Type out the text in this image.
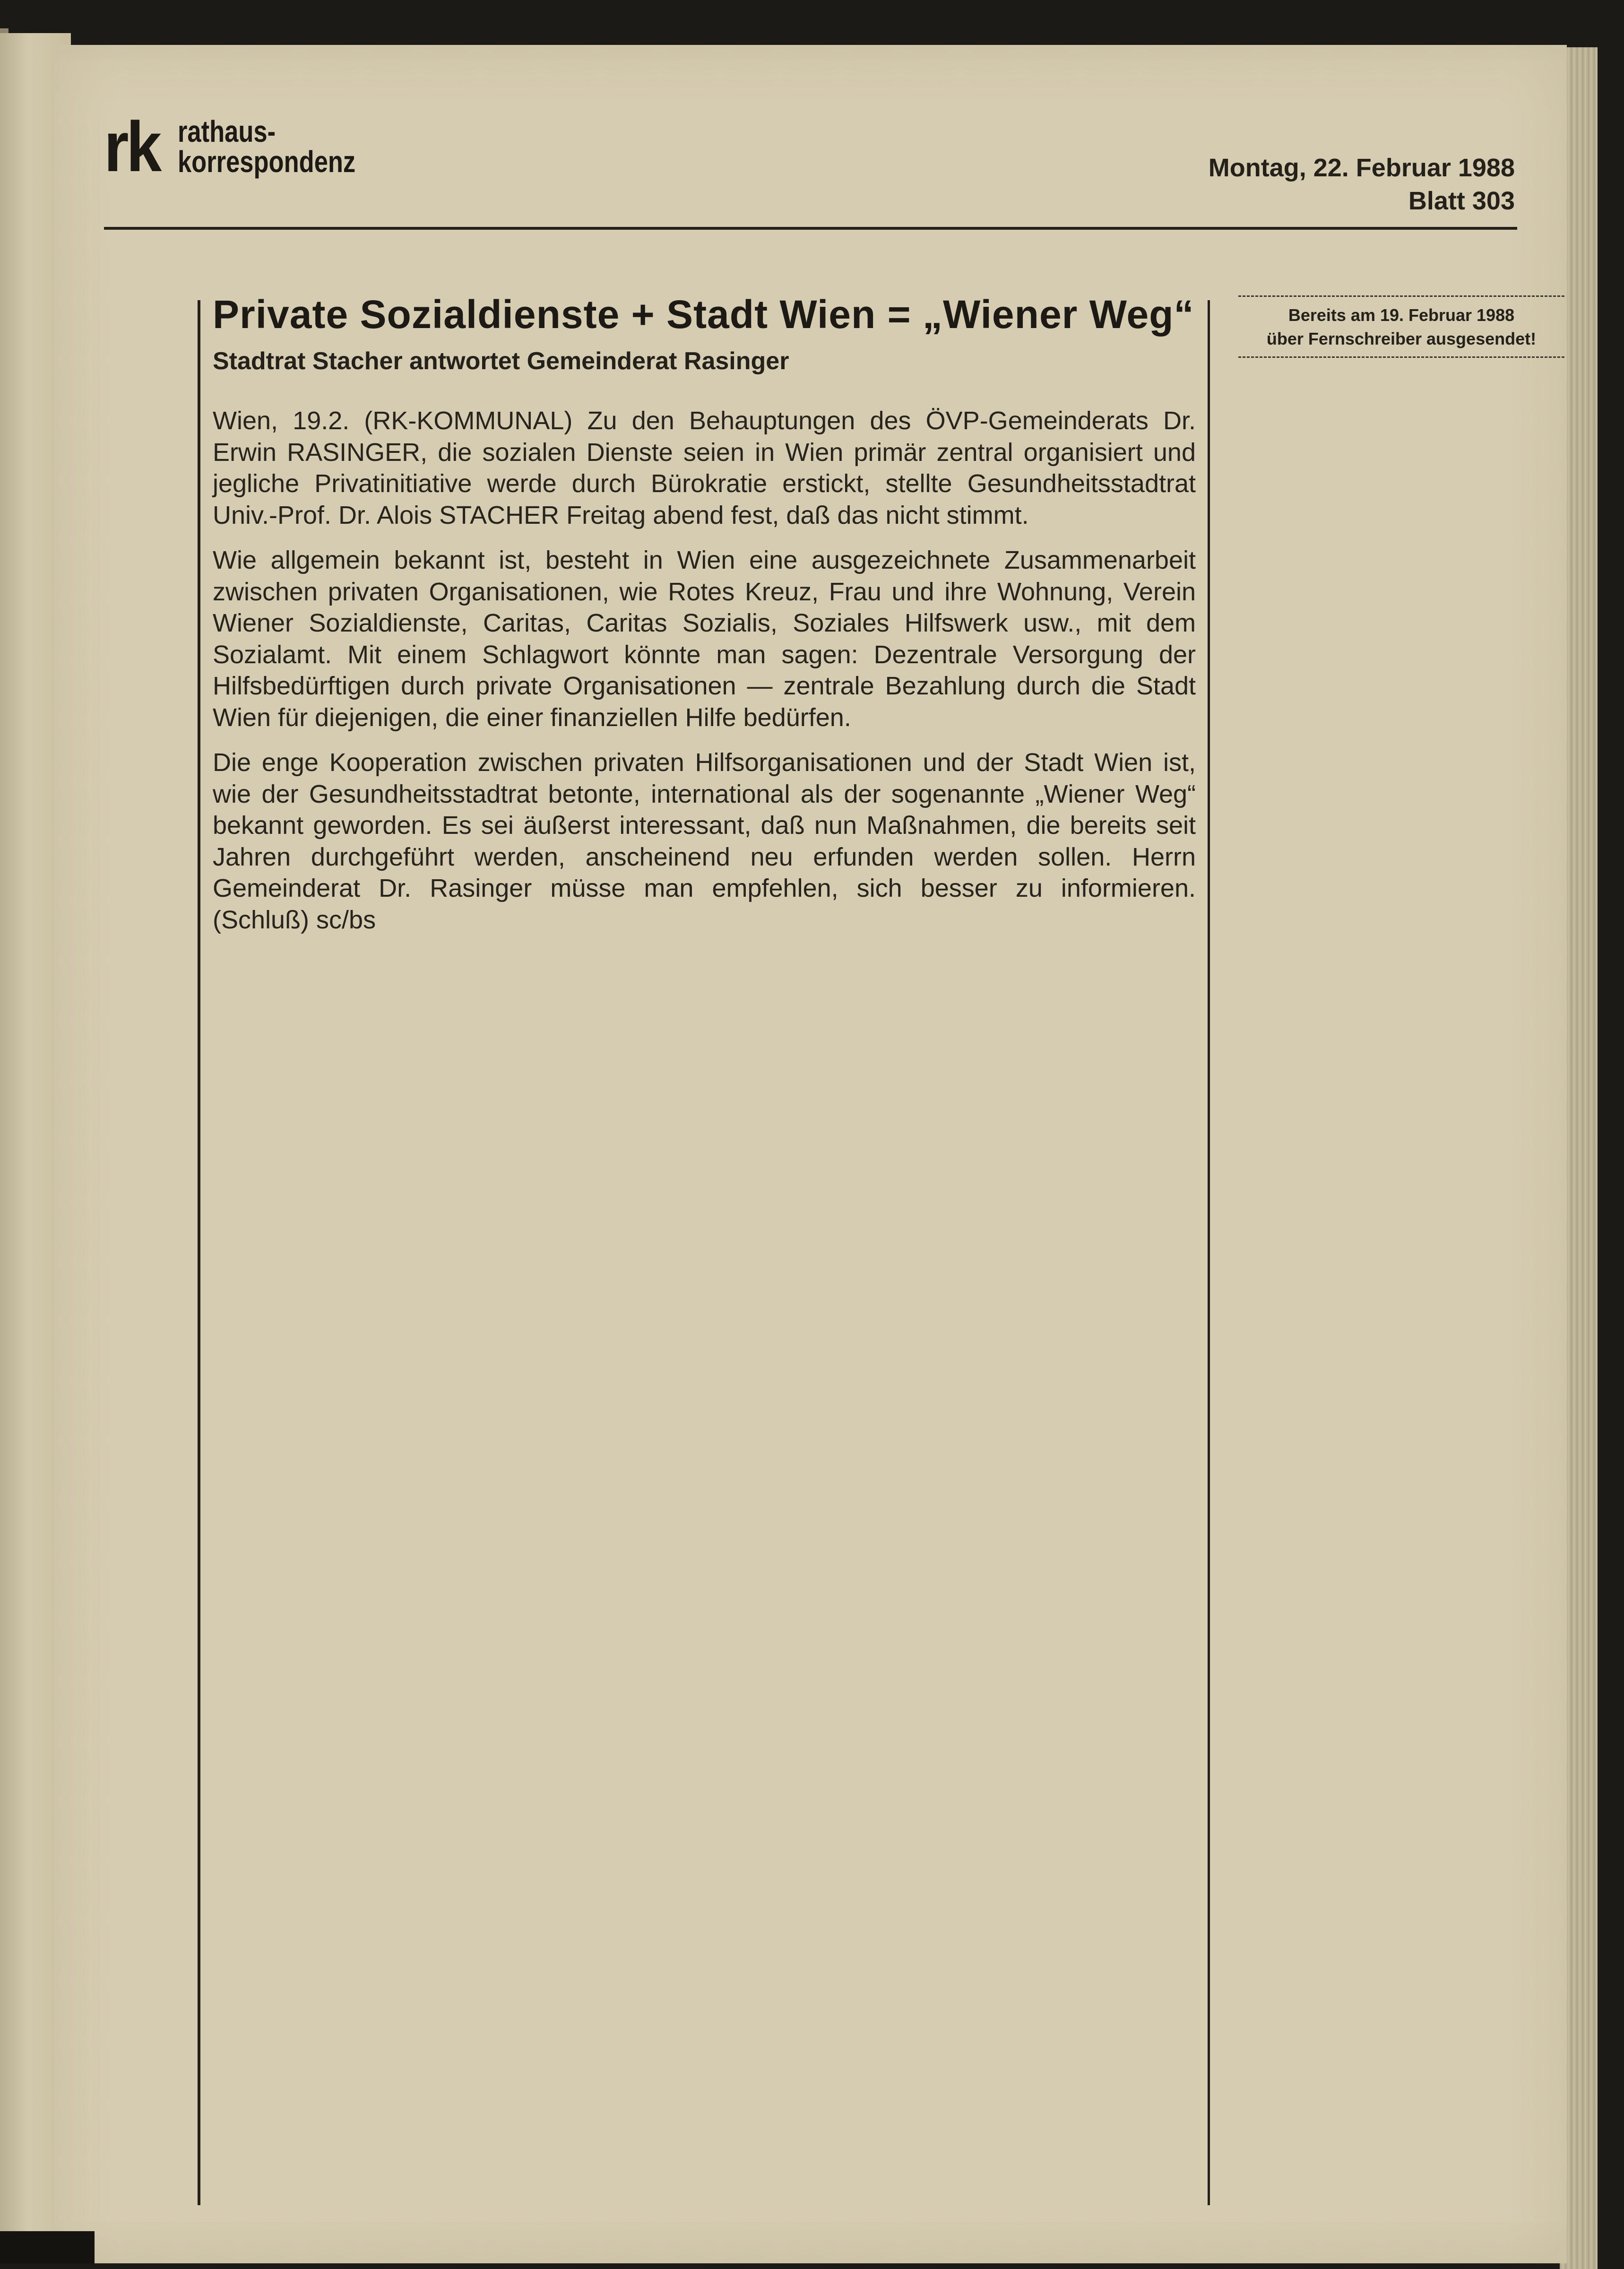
rk rathaus-
korrespondenz	Montag, 22. Februar 1988
Blatt 303
Private Sozialdienste + Stadt Wien = „Wiener Weg“
Stadtrat Stacher antwortet Gemeinderat Rasinger

Wien, 19.2. (RK-KOMMUNAL) Zu den Behauptungen des ÖVP-Gemeinderats Dr. Erwin RASINGER, die sozialen Dienste seien in Wien primär zentral organisiert und jegliche Privatinitiative werde durch Bürokratie erstickt, stellte Gesundheitsstadtrat Univ.-Prof. Dr. Alois STACHER Freitag abend fest, daß das nicht stimmt.

Wie allgemein bekannt ist, besteht in Wien eine ausgezeichnete Zusammenarbeit zwischen privaten Organisationen, wie Rotes Kreuz, Frau und ihre Wohnung, Verein Wiener Sozialdienste, Caritas, Caritas Sozialis, Soziales Hilfswerk usw., mit dem Sozialamt. Mit einem Schlagwort könnte man sagen: Dezentrale Versorgung der Hilfsbedürftigen durch private Organisationen — zentrale Bezahlung durch die Stadt Wien für diejenigen, die einer finanziellen Hilfe bedürfen.

Die enge Kooperation zwischen privaten Hilfsorganisationen und der Stadt Wien ist, wie der Gesundheitsstadtrat betonte, international als der sogenannte „Wiener Weg“ bekannt geworden. Es sei äußerst interessant, daß nun Maßnahmen, die bereits seit Jahren durchgeführt werden, anscheinend neu erfunden werden sollen. Herrn Gemeinderat Dr. Rasinger müsse man empfehlen, sich besser zu informieren. (Schluß) sc/bs

Bereits am 19. Februar 1988
über Fernschreiber ausgesendet!
